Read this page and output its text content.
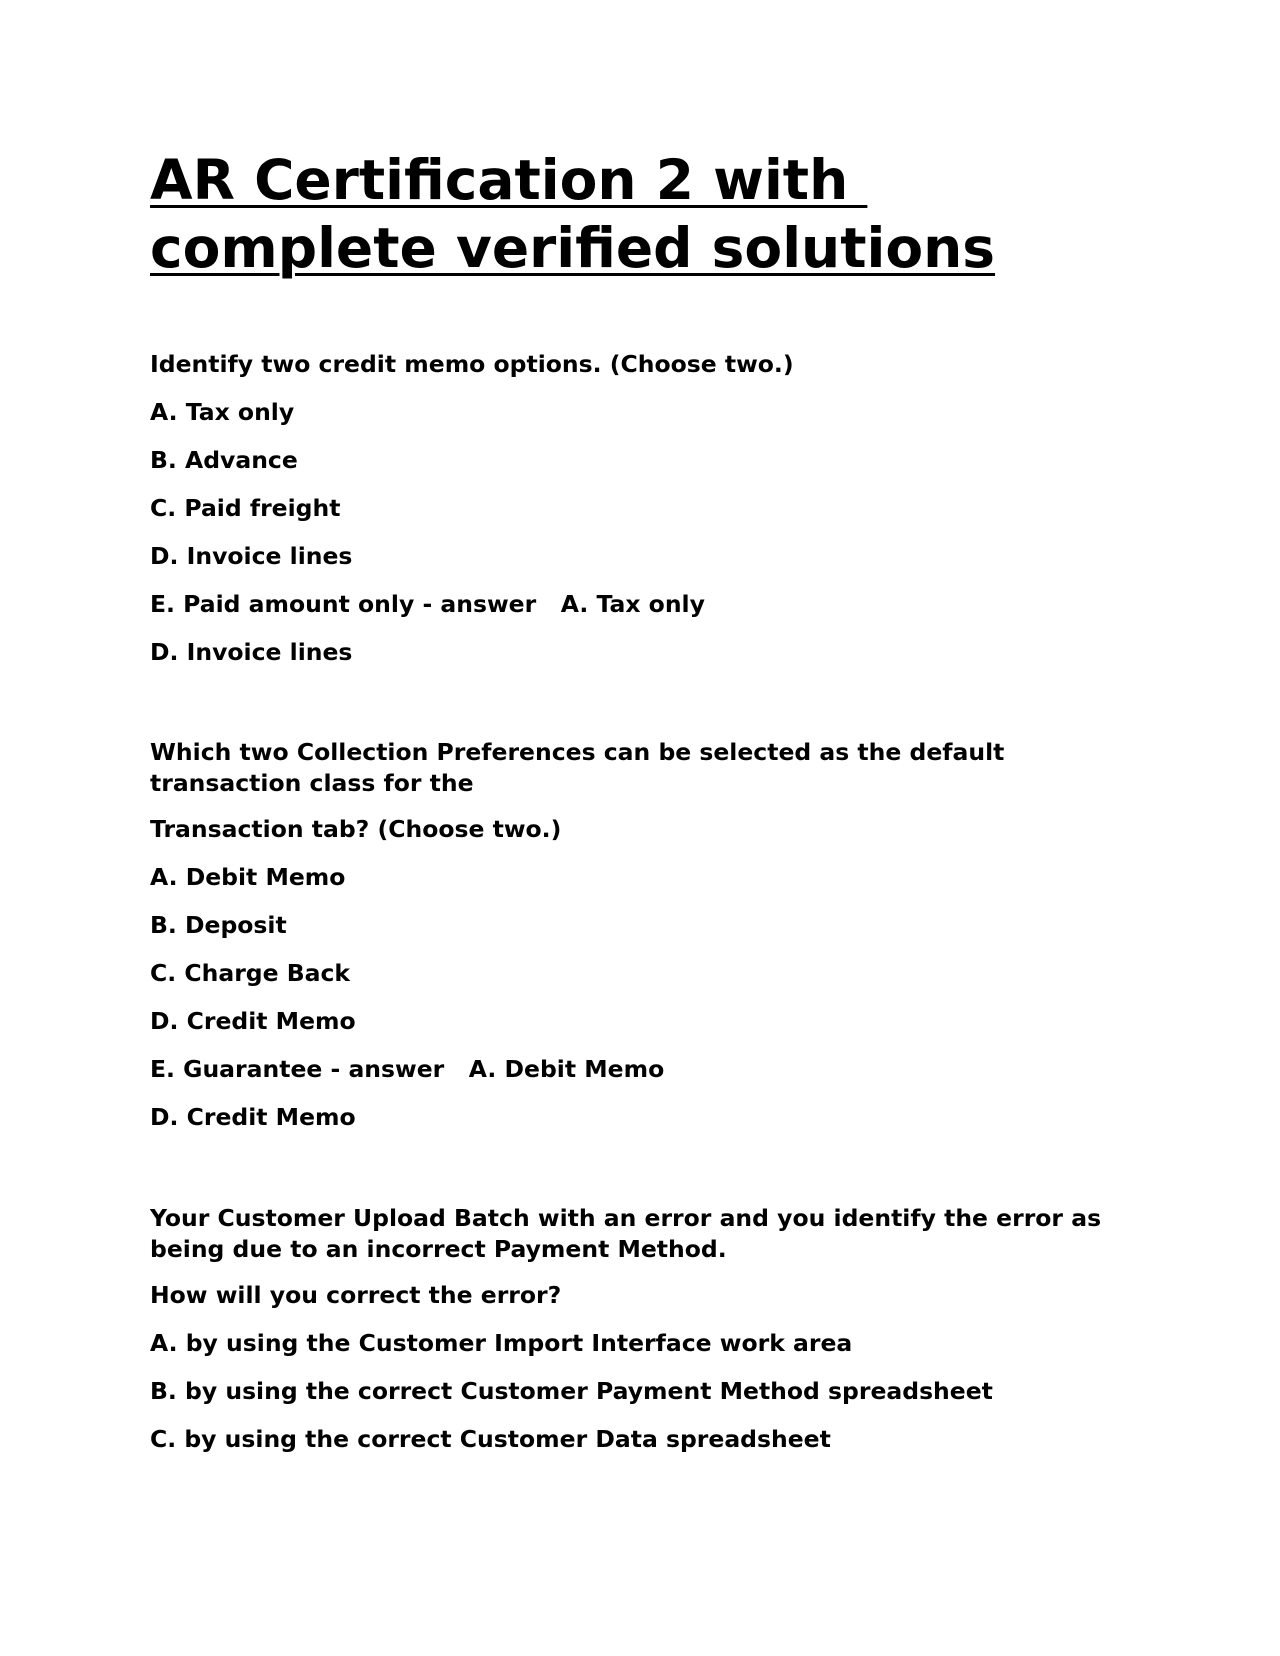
AR Certification 2 with
complete verified solutions

Identify two credit memo options. (Choose two.)

A. Tax only

B. Advance

C. Paid freight

D. Invoice lines

E. Paid amount only - answer   A. Tax only

D. Invoice lines

Which two Collection Preferences can be selected as the default transaction class for the

Transaction tab? (Choose two.)

A. Debit Memo

B. Deposit

C. Charge Back

D. Credit Memo

E. Guarantee - answer   A. Debit Memo

D. Credit Memo

Your Customer Upload Batch with an error and you identify the error as being due to an incorrect Payment Method.

How will you correct the error?

A. by using the Customer Import Interface work area

B. by using the correct Customer Payment Method spreadsheet

C. by using the correct Customer Data spreadsheet
